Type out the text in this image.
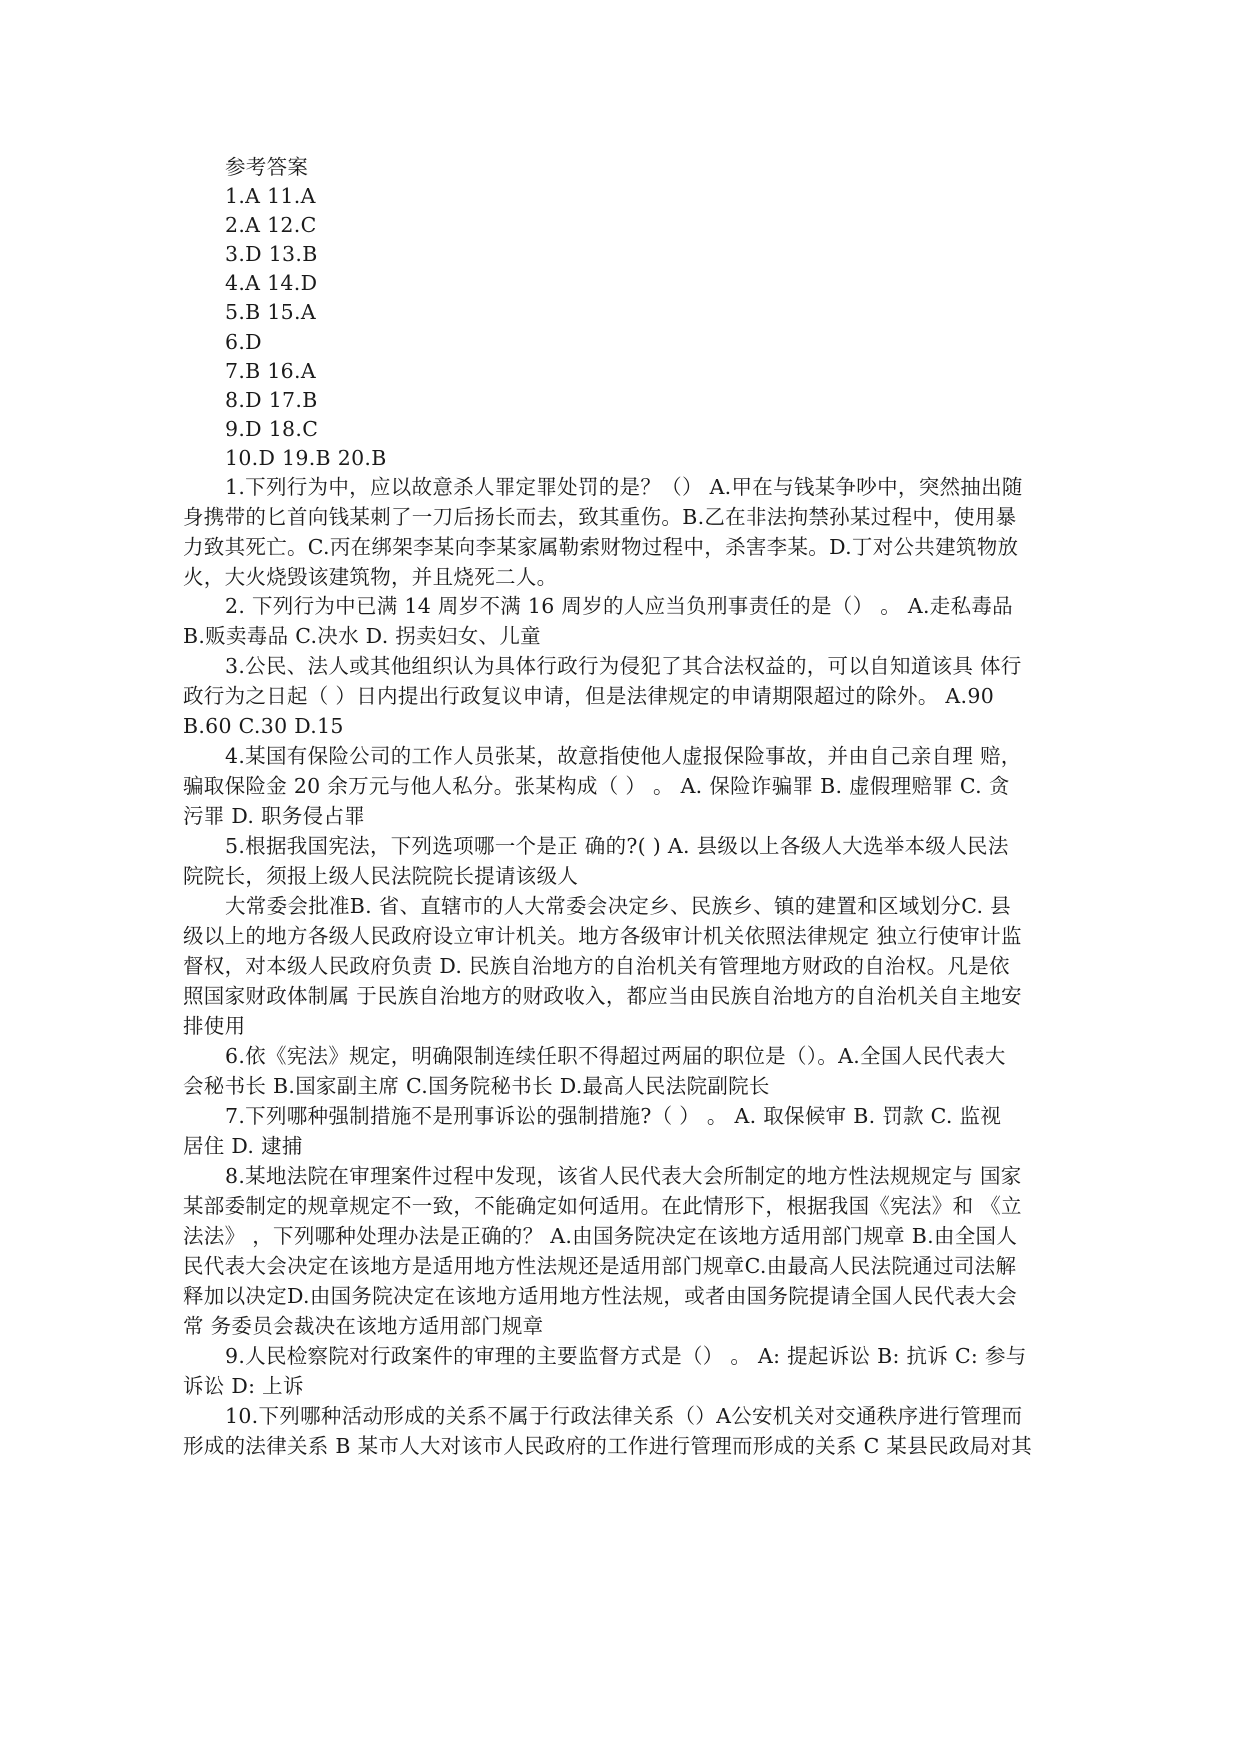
参考答案
1.A 11.A
2.A 12.C
3.D 13.B
4.A 14.D
5.B 15.A
6.D
7.B 16.A
8.D 17.B
9.D 18.C
10.D 19.B 20.B
1.下列行为中，应以故意杀人罪定罪处罚的是？（） A.甲在与钱某争吵中，突然抽出随
身携带的匕首向钱某刺了一刀后扬长而去，致其重伤。B.乙在非法拘禁孙某过程中，使用暴
力致其死亡。C.丙在绑架李某向李某家属勒索财物过程中，杀害李某。D.丁对公共建筑物放
火，大火烧毁该建筑物，并且烧死二人。
2. 下列行为中已满 14 周岁不满 16 周岁的人应当负刑事责任的是（） 。 A.走私毒品
B.贩卖毒品 C.决水 D. 拐卖妇女、儿童
3.公民、法人或其他组织认为具体行政行为侵犯了其合法权益的，可以自知道该具 体行
政行为之日起（ ）日内提出行政复议申请，但是法律规定的申请期限超过的除外。 A.90
B.60 C.30 D.15
4.某国有保险公司的工作人员张某，故意指使他人虚报保险事故，并由自己亲自理 赔，
骗取保险金 20 余万元与他人私分。张某构成（ ） 。 A. 保险诈骗罪 B. 虚假理赔罪 C. 贪
污罪 D. 职务侵占罪
5.根据我国宪法，下列选项哪一个是正 确的?( ) A. 县级以上各级人大选举本级人民法
院院长，须报上级人民法院院长提请该级人
大常委会批准B. 省、直辖市的人大常委会决定乡、民族乡、镇的建置和区域划分C. 县
级以上的地方各级人民政府设立审计机关。地方各级审计机关依照法律规定 独立行使审计监
督权，对本级人民政府负责 D. 民族自治地方的自治机关有管理地方财政的自治权。凡是依
照国家财政体制属 于民族自治地方的财政收入，都应当由民族自治地方的自治机关自主地安
排使用
6.依《宪法》规定，明确限制连续任职不得超过两届的职位是（）。A.全国人民代表大
会秘书长 B.国家副主席 C.国务院秘书长 D.最高人民法院副院长
7.下列哪种强制措施不是刑事诉讼的强制措施?（ ） 。 A. 取保候审 B. 罚款 C. 监视
居住 D. 逮捕
8.某地法院在审理案件过程中发现，该省人民代表大会所制定的地方性法规规定与 国家
某部委制定的规章规定不一致，不能确定如何适用。在此情形下，根据我国《宪法》和 《立
法法》 ，下列哪种处理办法是正确的？ A.由国务院决定在该地方适用部门规章 B.由全国人
民代表大会决定在该地方是适用地方性法规还是适用部门规章C.由最高人民法院通过司法解
释加以决定D.由国务院决定在该地方适用地方性法规，或者由国务院提请全国人民代表大会
常 务委员会裁决在该地方适用部门规章
9.人民检察院对行政案件的审理的主要监督方式是（） 。 A: 提起诉讼 B: 抗诉 C: 参与
诉讼 D: 上诉
10.下列哪种活动形成的关系不属于行政法律关系（）A公安机关对交通秩序进行管理而
形成的法律关系 B 某市人大对该市人民政府的工作进行管理而形成的关系 C 某县民政局对其
